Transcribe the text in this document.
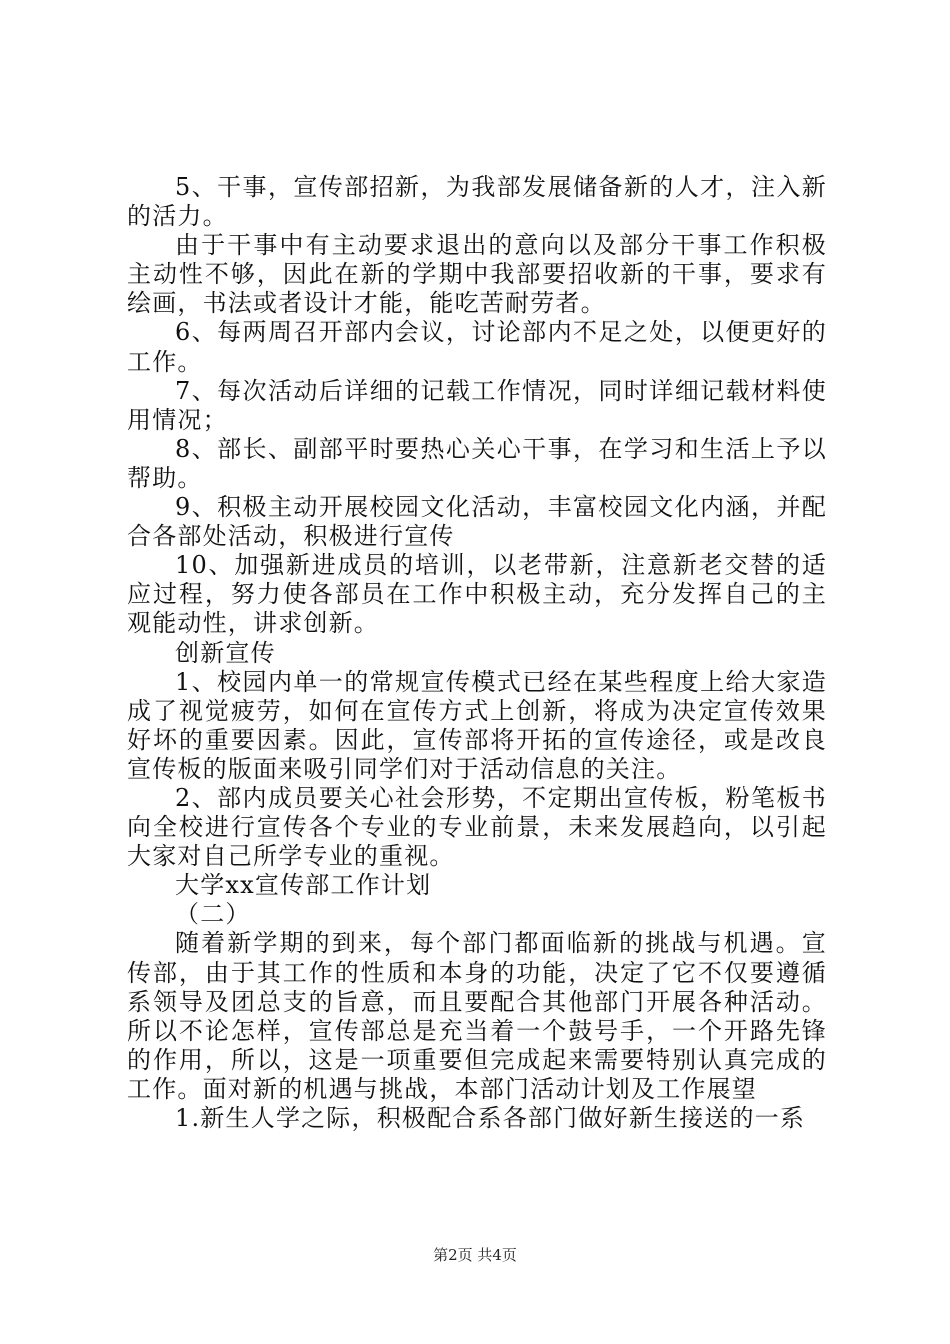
5、干事，宣传部招新，为我部发展储备新的人才，注入新的活力。

由于干事中有主动要求退出的意向以及部分干事工作积极主动性不够，因此在新的学期中我部要招收新的干事，要求有绘画，书法或者设计才能，能吃苦耐劳者。

6、每两周召开部内会议，讨论部内不足之处，以便更好的工作。

7、每次活动后详细的记载工作情况，同时详细记载材料使用情况；

8、部长、副部平时要热心关心干事，在学习和生活上予以帮助。

9、积极主动开展校园文化活动，丰富校园文化内涵，并配合各部处活动，积极进行宣传

10、加强新进成员的培训，以老带新，注意新老交替的适应过程，努力使各部员在工作中积极主动，充分发挥自己的主观能动性，讲求创新。

创新宣传

1、校园内单一的常规宣传模式已经在某些程度上给大家造成了视觉疲劳，如何在宣传方式上创新，将成为决定宣传效果好坏的重要因素。因此，宣传部将开拓的宣传途径，或是改良宣传板的版面来吸引同学们对于活动信息的关注。

2、部内成员要关心社会形势，不定期出宣传板，粉笔板书向全校进行宣传各个专业的专业前景，未来发展趋向，以引起大家对自己所学专业的重视。

大学xx宣传部工作计划

（二）

随着新学期的到来，每个部门都面临新的挑战与机遇。宣传部，由于其工作的性质和本身的功能，决定了它不仅要遵循系领导及团总支的旨意，而且要配合其他部门开展各种活动。所以不论怎样，宣传部总是充当着一个鼓号手，一个开路先锋的作用，所以，这是一项重要但完成起来需要特别认真完成的工作。面对新的机遇与挑战，本部门活动计划及工作展望

1.新生人学之际，积极配合系各部门做好新生接送的一系

第2页 共4页
